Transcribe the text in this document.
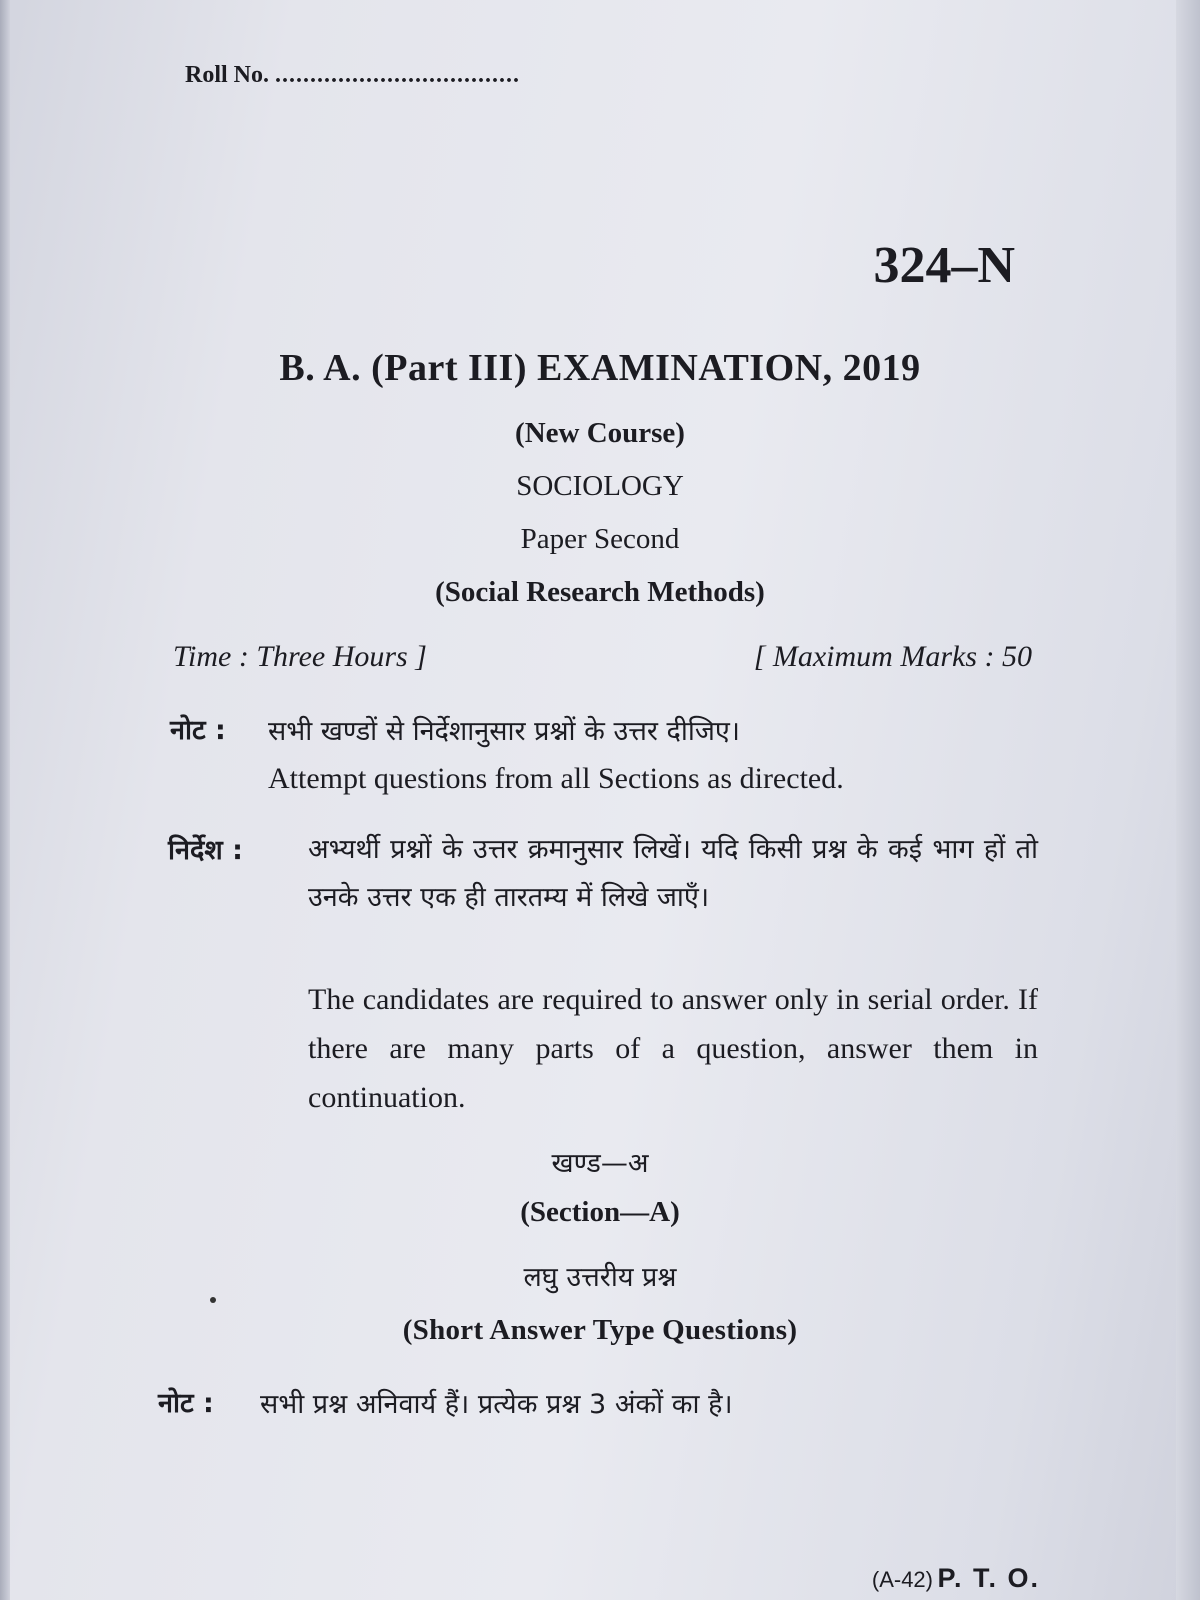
Roll No. ...................................
324–N
B. A. (Part III) EXAMINATION, 2019
(New Course)
SOCIOLOGY
Paper Second
(Social Research Methods)
Time : Three Hours ]	[ Maximum Marks : 50
नोट : सभी खण्डों से निर्देशानुसार प्रश्नों के उत्तर दीजिए।
Attempt questions from all Sections as directed.
निर्देश : अभ्यर्थी प्रश्नों के उत्तर क्रमानुसार लिखें। यदि किसी प्रश्न के कई भाग हों तो उनके उत्तर एक ही तारतम्य में लिखे जाएँ।
The candidates are required to answer only in serial order. If there are many parts of a question, answer them in continuation.
खण्ड—अ
(Section—A)
लघु उत्तरीय प्रश्न
(Short Answer Type Questions)
नोट : सभी प्रश्न अनिवार्य हैं। प्रत्येक प्रश्न 3 अंकों का है।
(A-42) P. T. O.
